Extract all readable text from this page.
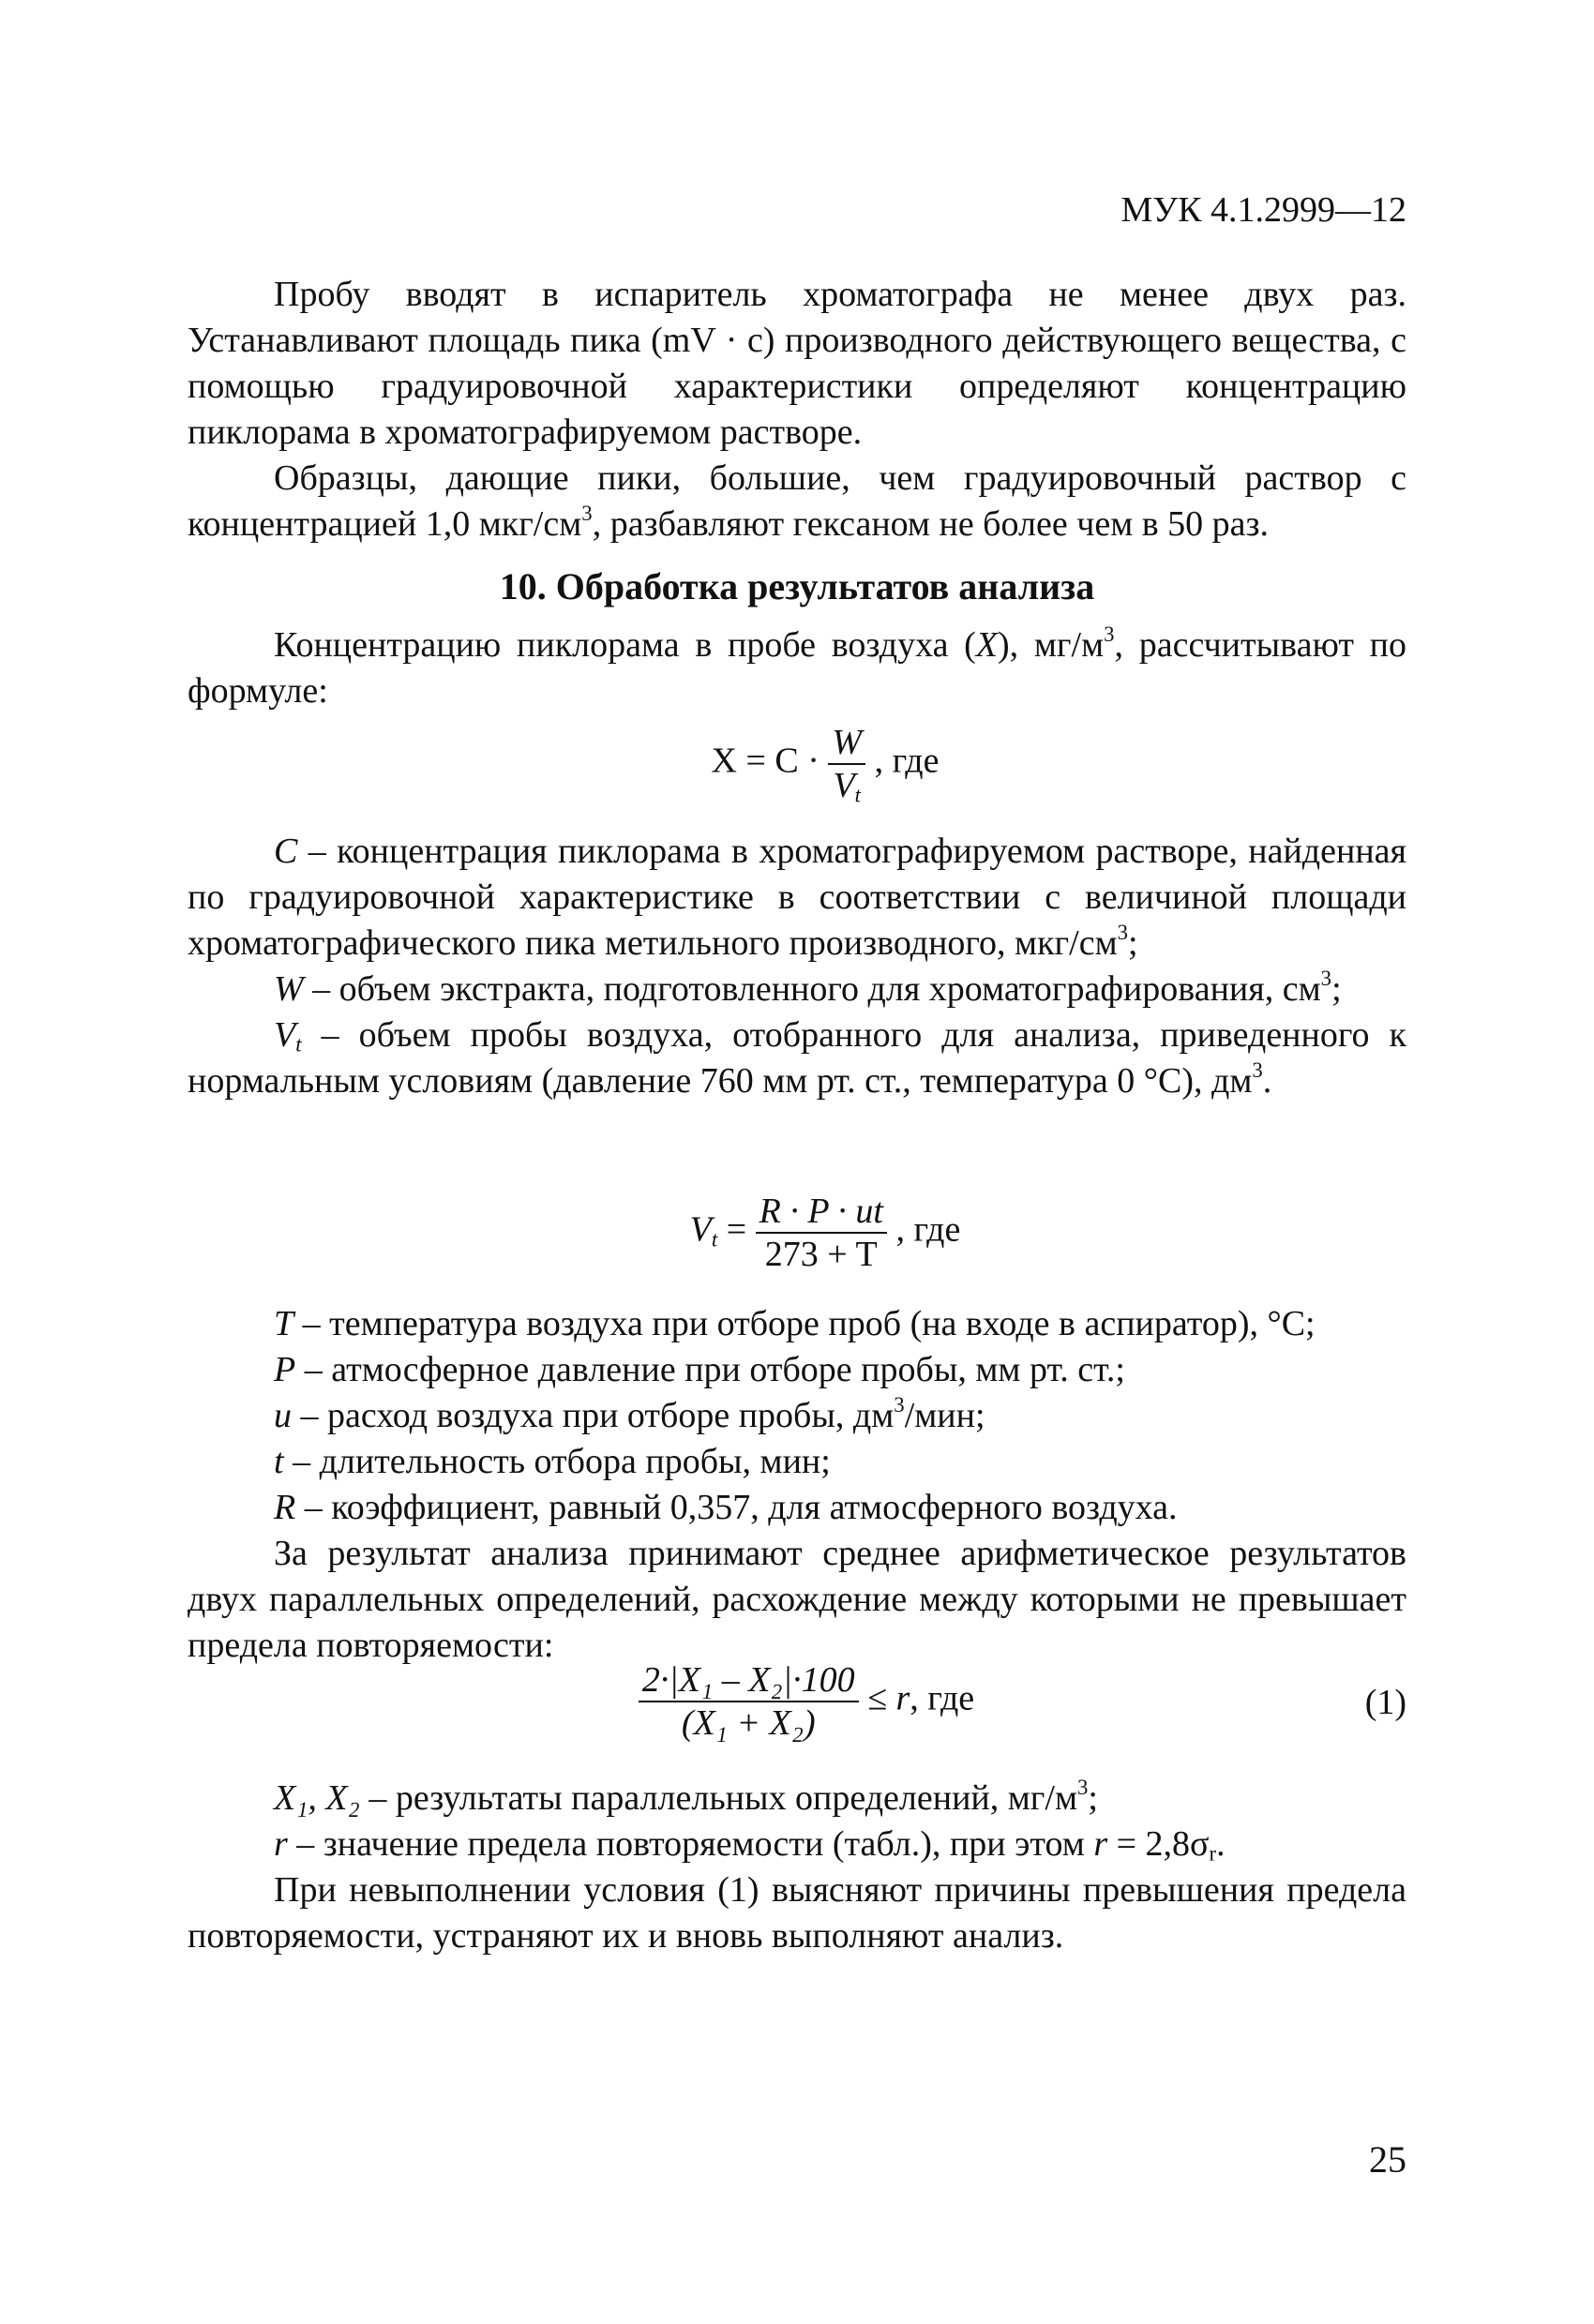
МУК 4.1.2999—12

Пробу вводят в испаритель хроматографа не менее двух раз. Устанавливают площадь пика (mV · с) производного действующего вещества, с помощью градуировочной характеристики определяют концентрацию пиклорама в хроматографируемом растворе.

Образцы, дающие пики, большие, чем градуировочный раствор с концентрацией 1,0 мкг/$см^3$, разбавляют гексаном не более чем в 50 раз.

10. Обработка результатов анализа

Концентрацию пиклорама в пробе воздуха (X), $мг/м^3$, рассчитывают по формуле:

$X = C \cdot \frac{W}{V_t}$ , где

C – концентрация пиклорама в хроматографируемом растворе, найденная по градуировочной характеристике в соответствии с величиной площади хроматографического пика метильного производного, мкг/$см^3$;

W – объем экстракта, подготовленного для хроматографирования, $см^3$;

$V_t$ – объем пробы воздуха, отобранного для анализа, приведенного к нормальным условиям (давление 760 мм рт. ст., температура 0 °С), $дм^3$.

$V_t = \frac{R \cdot P \cdot ut}{273 + T}$ , где

T – температура воздуха при отборе проб (на входе в аспиратор), °С;

P – атмосферное давление при отборе пробы, мм рт. ст.;

u – расход воздуха при отборе пробы, $дм^3$/мин;

t – длительность отбора пробы, мин;

R – коэффициент, равный 0,357, для атмосферного воздуха.

За результат анализа принимают среднее арифметическое результатов двух параллельных определений, расхождение между которыми не превышает предела повторяемости:

$\frac{\text{2·|X₁ – X₂|·100}}{\text{(X₁ + X₂)}} \le r$, где	(1)

X₁, X₂ – результаты параллельных определений, $мг/м^3$;

r – значение предела повторяемости (табл.), при этом $r = 2,8\sigma_r$.

При невыполнении условия (1) выясняют причины превышения предела повторяемости, устраняют их и вновь выполняют анализ.

25
